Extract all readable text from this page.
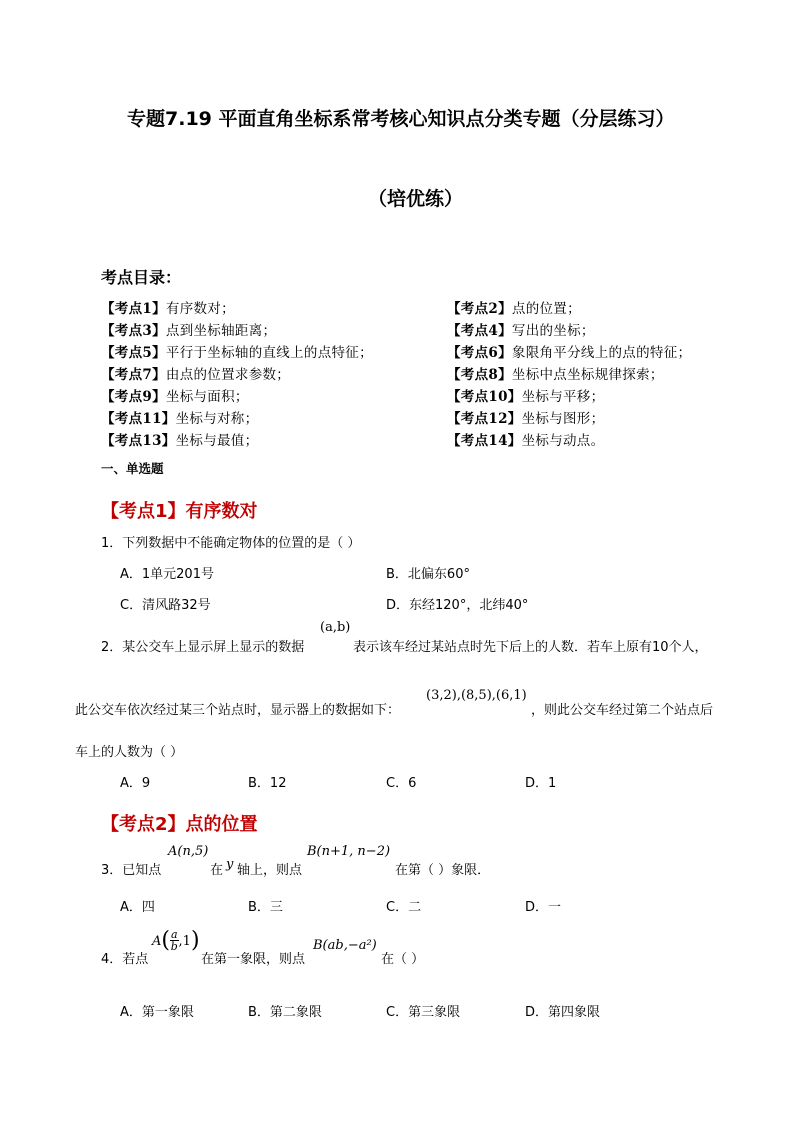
专题7.19 平面直角坐标系常考核心知识点分类专题（分层练习）
（培优练）
考点目录：
【考点1】有序数对；	【考点2】点的位置；
【考点3】点到坐标轴距离；	【考点4】写出的坐标；
【考点5】平行于坐标轴的直线上的点特征；	【考点6】象限角平分线上的点的特征；
【考点7】由点的位置求参数；	【考点8】坐标中点坐标规律探索；
【考点9】坐标与面积；	【考点10】坐标与平移；
【考点11】坐标与对称；	【考点12】坐标与图形；
【考点13】坐标与最值；	【考点14】坐标与动点。
一、单选题
【考点1】有序数对
1．下列数据中不能确定物体的位置的是（ ）
A．1单元201号	B．北偏东60°
C．清风路32号	D．东经120°，北纬40°
2．某公交车上显示屏上显示的数据
(a,b)
表示该车经过某站点时先下后上的人数．若车上原有10个人，
此公交车依次经过某三个站点时，显示器上的数据如下：
(3,2),(8,5),(6,1)
，则此公交车经过第二个站点后
车上的人数为（ ）
A．9	B．12	C．6	D．1
【考点2】点的位置
3．已知点
A(n,5)
在 y 轴上，则点
B(n+1, n−2)
在第（ ）象限．
A．四	B．三	C．二	D．一
4．若点
$A( \frac{a}{b} ,1)$
在第一象限，则点
B(ab,−a²)
在（ ）
A．第一象限	B．第二象限	C．第三象限	D．第四象限
